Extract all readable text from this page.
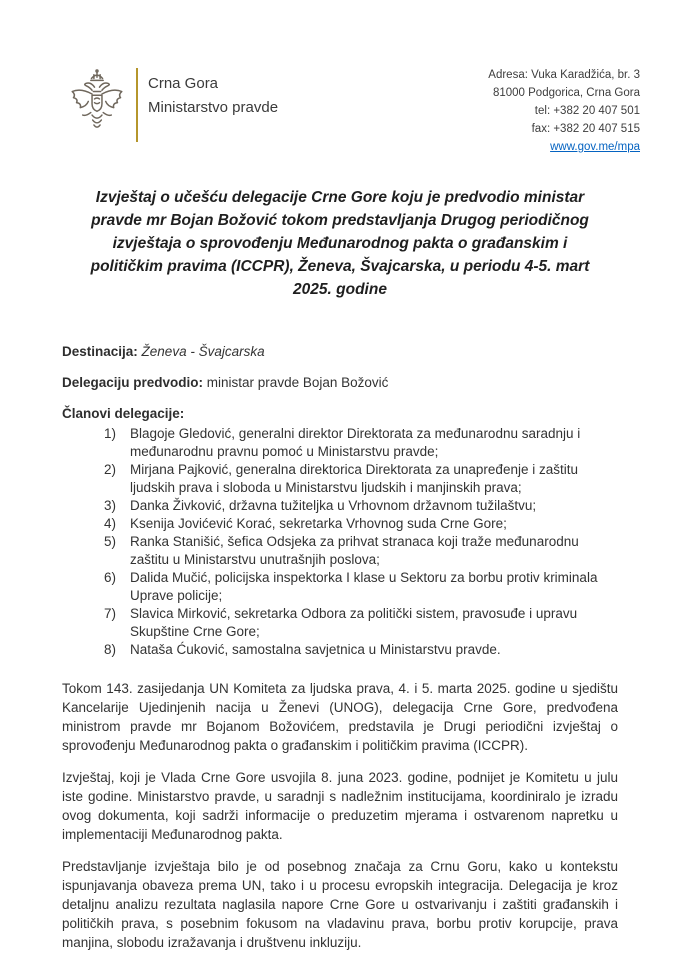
Crna Gora
Ministarstvo pravde
Adresa: Vuka Karadžića, br. 3
81000 Podgorica, Crna Gora
tel: +382 20 407 501
fax: +382 20 407 515
www.gov.me/mpa
Izvještaj o učešću delegacije Crne Gore koju je predvodio ministar pravde mr Bojan Božović tokom predstavljanja Drugog periodičnog izvještaja o sprovođenju Međunarodnog pakta o građanskim i političkim pravima (ICCPR), Ženeva, Švajcarska, u periodu 4-5. mart 2025. godine

Destinacija: Ženeva - Švajcarska

Delegaciju predvodio: ministar pravde Bojan Božović

Članovi delegacije:

Blagoje Gledović, generalni direktor Direktorata za međunarodnu saradnju i međunarodnu pravnu pomoć u Ministarstvu pravde;
Mirjana Pajković, generalna direktorica Direktorata za unapređenje i zaštitu ljudskih prava i sloboda u Ministarstvu ljudskih i manjinskih prava;
Danka Živković, državna tužiteljka u Vrhovnom državnom tužilaštvu;
Ksenija Jovićević Korać, sekretarka Vrhovnog suda Crne Gore;
Ranka Stanišić, šefica Odsjeka za prihvat stranaca koji traže međunarodnu zaštitu u Ministarstvu unutrašnjih poslova;
Dalida Mučić, policijska inspektorka I klase u Sektoru za borbu protiv kriminala Uprave policije;
Slavica Mirković, sekretarka Odbora za politički sistem, pravosuđe i upravu Skupštine Crne Gore;
Nataša Ćuković, samostalna savjetnica u Ministarstvu pravde.

Tokom 143. zasijedanja UN Komiteta za ljudska prava, 4. i 5. marta 2025. godine u sjedištu Kancelarije Ujedinjenih nacija u Ženevi (UNOG), delegacija Crne Gore, predvođena ministrom pravde mr Bojanom Božovićem, predstavila je Drugi periodični izvještaj o sprovođenju Međunarodnog pakta o građanskim i političkim pravima (ICCPR).

Izvještaj, koji je Vlada Crne Gore usvojila 8. juna 2023. godine, podnijet je Komitetu u julu iste godine. Ministarstvo pravde, u saradnji s nadležnim institucijama, koordiniralo je izradu ovog dokumenta, koji sadrži informacije o preduzetim mjerama i ostvarenom napretku u implementaciji Međunarodnog pakta.

Predstavljanje izvještaja bilo je od posebnog značaja za Crnu Goru, kako u kontekstu ispunjavanja obaveza prema UN, tako i u procesu evropskih integracija. Delegacija je kroz detaljnu analizu rezultata naglasila napore Crne Gore u ostvarivanju i zaštiti građanskih i političkih prava, s posebnim fokusom na vladavinu prava, borbu protiv korupcije, prava manjina, slobodu izražavanja i društvenu inkluziju.
